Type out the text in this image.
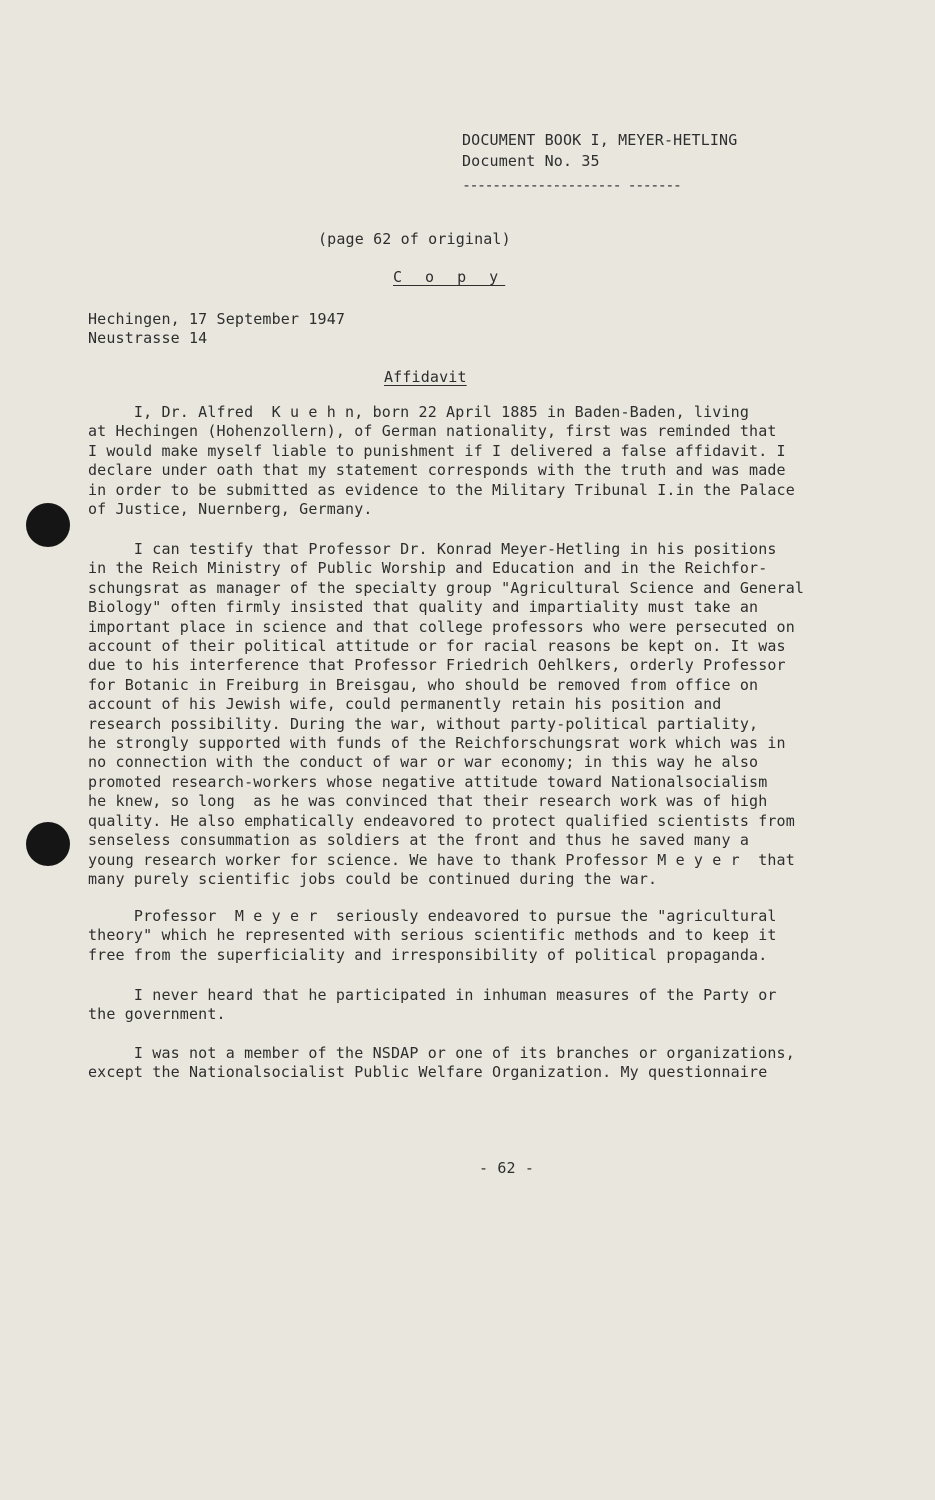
DOCUMENT BOOK I, MEYER-HETLING
Document No. 35
--------------------- -------
(page 62 of original)
C o p y
Hechingen, 17 September 1947
Neustrasse 14
Affidavit
I, Dr. Alfred  K u e h n, born 22 April 1885 in Baden-Baden, living
at Hechingen (Hohenzollern), of German nationality, first was reminded that
I would make myself liable to punishment if I delivered a false affidavit. I
declare under oath that my statement corresponds with the truth and was made
in order to be submitted as evidence to the Military Tribunal I.in the Palace
of Justice, Nuernberg, Germany.
I can testify that Professor Dr. Konrad Meyer-Hetling in his positions
in the Reich Ministry of Public Worship and Education and in the Reichfor-
schungsrat as manager of the specialty group "Agricultural Science and General
Biology" often firmly insisted that quality and impartiality must take an
important place in science and that college professors who were persecuted on
account of their political attitude or for racial reasons be kept on. It was
due to his interference that Professor Friedrich Oehlkers, orderly Professor
for Botanic in Freiburg in Breisgau, who should be removed from office on
account of his Jewish wife, could permanently retain his position and
research possibility. During the war, without party-political partiality,
he strongly supported with funds of the Reichforschungsrat work which was in
no connection with the conduct of war or war economy; in this way he also
promoted research-workers whose negative attitude toward Nationalsocialism
he knew, so long  as he was convinced that their research work was of high
quality. He also emphatically endeavored to protect qualified scientists from
senseless consummation as soldiers at the front and thus he saved many a
young research worker for science. We have to thank Professor M e y e r  that
many purely scientific jobs could be continued during the war.
Professor  M e y e r  seriously endeavored to pursue the "agricultural
theory" which he represented with serious scientific methods and to keep it
free from the superficiality and irresponsibility of political propaganda.
I never heard that he participated in inhuman measures of the Party or
the government.
I was not a member of the NSDAP or one of its branches or organizations,
except the Nationalsocialist Public Welfare Organization. My questionnaire
- 62 -
